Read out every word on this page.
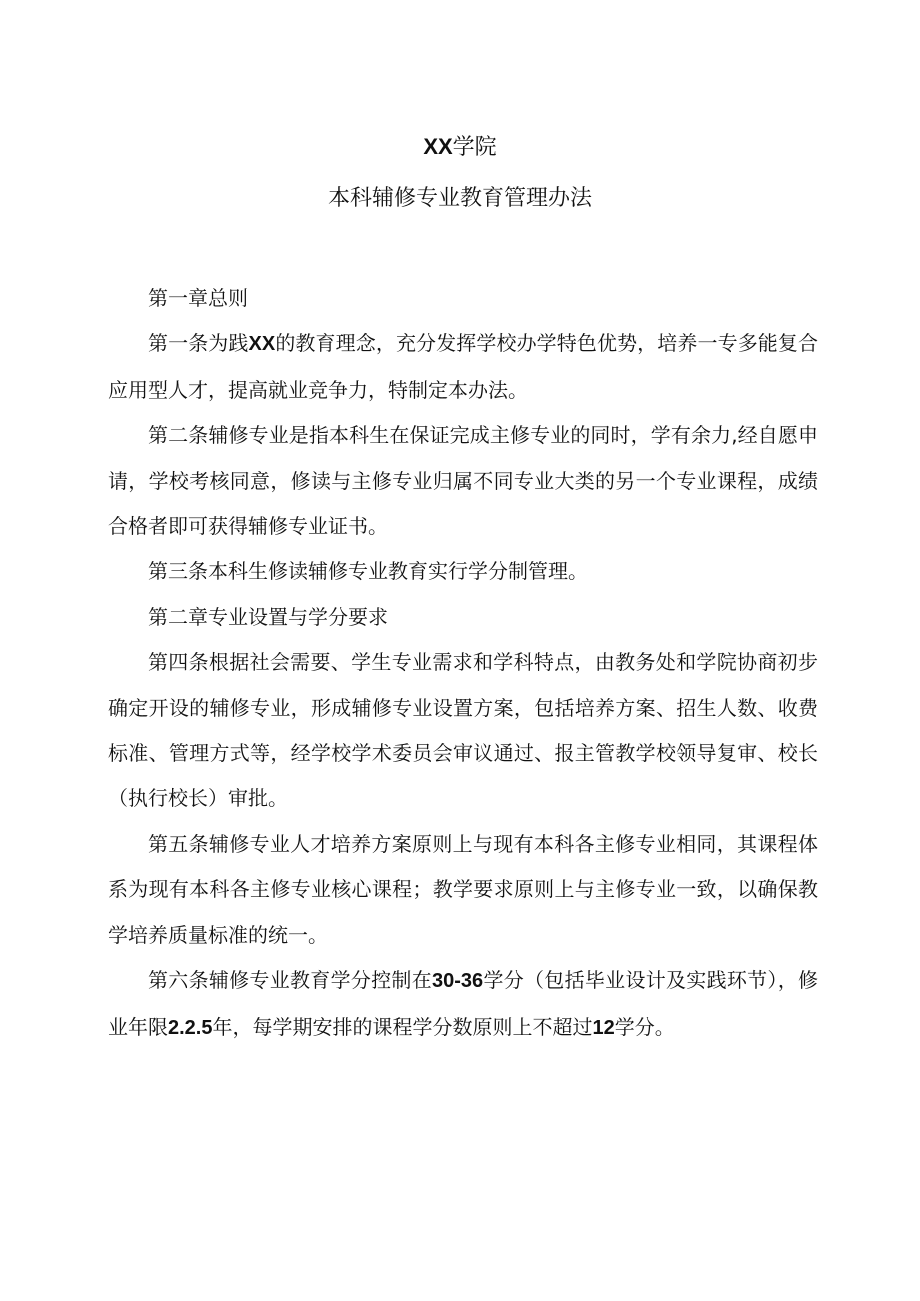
XX学院
本科辅修专业教育管理办法

第一章总则

第一条为践XX的教育理念，充分发挥学校办学特色优势，培养一专多能复合应用型人才，提高就业竞争力，特制定本办法。

第二条辅修专业是指本科生在保证完成主修专业的同时，学有余力,经自愿申请，学校考核同意，修读与主修专业归属不同专业大类的另一个专业课程，成绩合格者即可获得辅修专业证书。

第三条本科生修读辅修专业教育实行学分制管理。

第二章专业设置与学分要求

第四条根据社会需要、学生专业需求和学科特点，由教务处和学院协商初步确定开设的辅修专业，形成辅修专业设置方案，包括培养方案、招生人数、收费标准、管理方式等，经学校学术委员会审议通过、报主管教学校领导复审、校长（执行校长）审批。

第五条辅修专业人才培养方案原则上与现有本科各主修专业相同，其课程体系为现有本科各主修专业核心课程；教学要求原则上与主修专业一致，以确保教学培养质量标准的统一。

第六条辅修专业教育学分控制在30-36学分（包括毕业设计及实践环节），修业年限2.2.5年，每学期安排的课程学分数原则上不超过12学分。
